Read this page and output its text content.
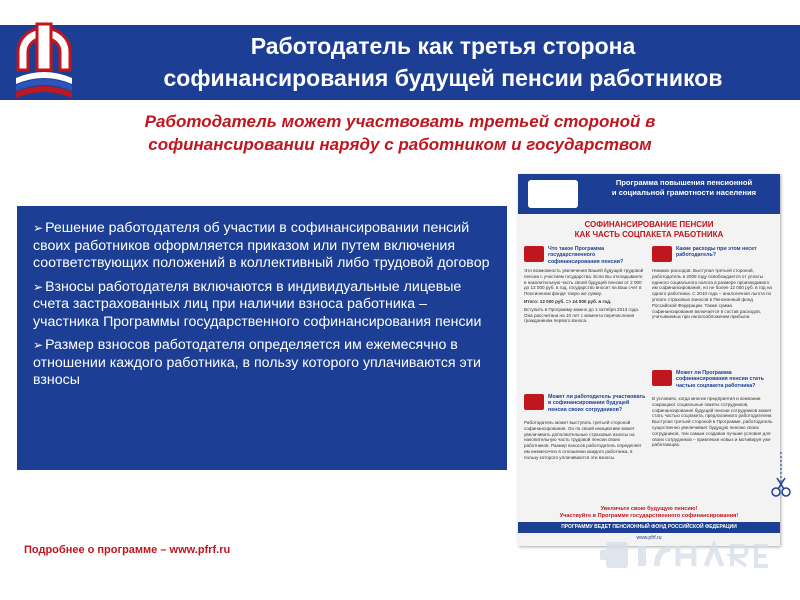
Работодатель как третья сторона
софинансирования будущей пенсии работников
Работодатель может участвовать третьей стороной в
софинансировании наряду с работником и государством
➢ Решение работодателя об участии в софинансировании пенсий своих работников оформляется приказом или путем включения соответствующих положений в коллективный либо трудовой договор
➢ Взносы работодателя включаются в индивидуальные лицевые счета застрахованных лиц при наличии взноса работника – участника Программы государственного софинансирования пенсии
➢ Размер взносов работодателя определяется им ежемесячно в отношении каждого работника, в пользу которого уплачиваются эти взносы
Подробнее о программе – www.pfrf.ru
Программа повышения пенсионной
и социальной грамотности населения
СОФИНАНСИРОВАНИЕ ПЕНСИИ
КАК ЧАСТЬ СОЦПАКЕТА РАБОТНИКА
Что такое Программа государственного софинансирования пенсии?
Это возможность увеличения Вашей будущей трудовой пенсии с участием государства. Если Вы откладываете в накопительную часть своей будущей пенсии от 2 000 до 12 000 руб. в год, государство вносит на Ваш счет в Пенсионном фонде такую же сумму.
Итого: 12 000 руб. => 24 000 руб. в год.
Вступить в Программу можно до 1 октября 2013 года. Она рассчитана на 10 лет с момента перечисления гражданином первого взноса.
Может ли работодатель участвовать в софинансировании будущей пенсии своих сотрудников?
Работодатель может выступать третьей стороной софинансирования. Он по своей инициативе может увеличивать дополнительные страховые взносы на накопительную часть трудовой пенсии своих работников. Размер взносов работодатель определяет им ежемесячно в отношении каждого работника, в пользу которого уплачиваются эти взносы.
Какие расходы при этом несет работодатель?
Никаких расходов. Выступая третьей стороной, работодатель в 2009 году освобождается от уплаты единого социального налога в размере производимого им софинансирования, но не более 12 000 руб. в год на одного работника. С 2010 года – аналогичная льгота по уплате страховых взносов в Пенсионный фонд Российской Федерации. Также сумма софинансирования включается в состав расходов, учитываемых при налогообложении прибыли.
Может ли Программа софинансирования пенсии стать частью соцпакета работника?
В условиях, когда многие предприятия и компании сокращают социальные пакеты сотрудников, софинансирование будущей пенсии сотрудников может стать частью соцпакета, предлагаемого работодателем. Выступая третьей стороной в Программе, работодатель существенно увеличивает будущую пенсию своих сотрудников, тем самым создавая лучшие условия для своих сотрудников – привлекая новых и мотивируя уже работающих.
Увеличьте свою будущую пенсию!
Участвуйте в Программе государственного софинансирования!
ПРОГРАММУ ВЕДЕТ ПЕНСИОННЫЙ ФОНД РОССИЙСКОЙ ФЕДЕРАЦИИ
www.pfrf.ru
